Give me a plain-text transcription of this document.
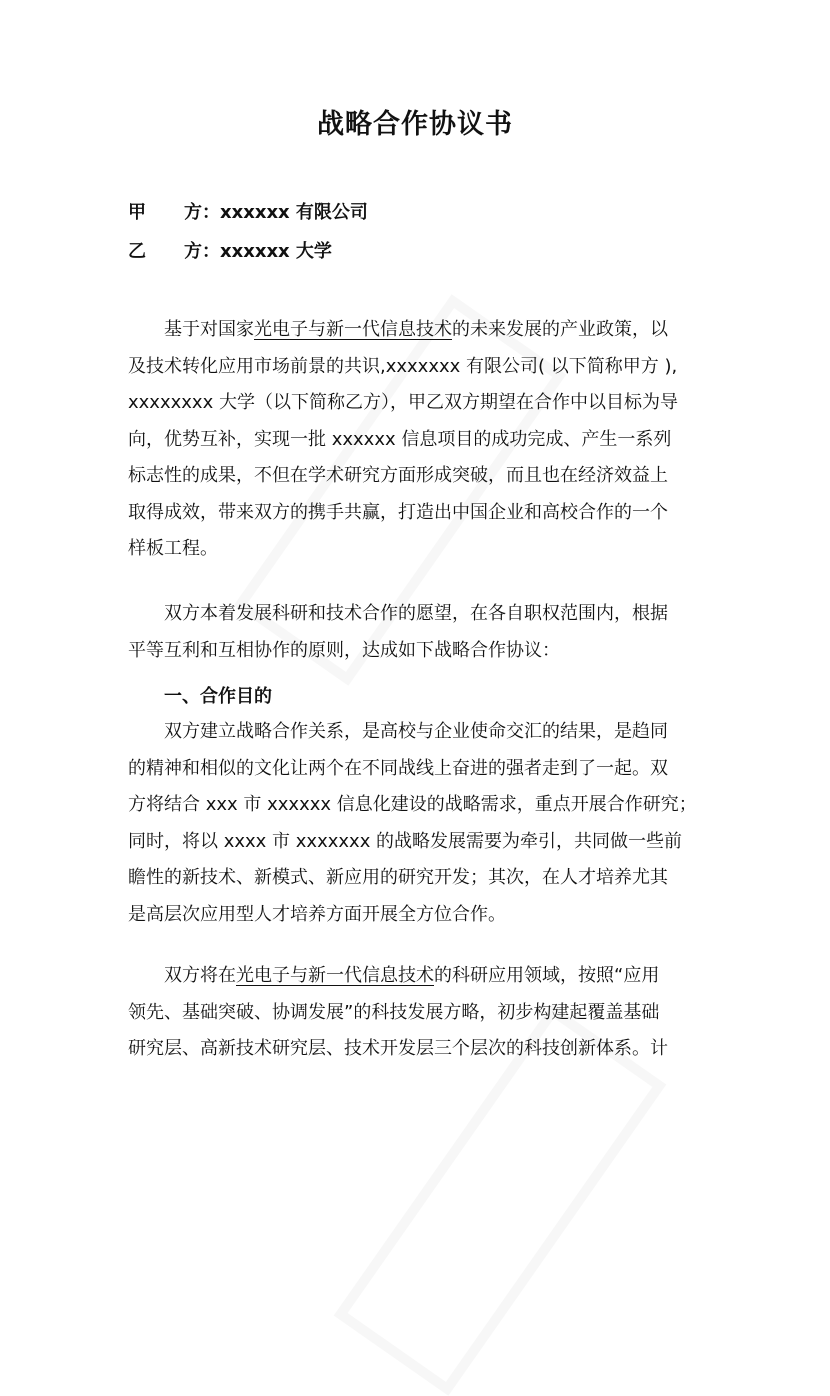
战略合作协议书
甲 方：xxxxxx 有限公司
乙 方：xxxxxx 大学
基于对国家光电子与新一代信息技术的未来发展的产业政策，以
及技术转化应用市场前景的共识,xxxxxxx 有限公司( 以下简称甲方 ),
xxxxxxxx 大学（以下简称乙方），甲乙双方期望在合作中以目标为导
向，优势互补，实现一批 xxxxxx 信息项目的成功完成、产生一系列
标志性的成果，不但在学术研究方面形成突破，而且也在经济效益上
取得成效，带来双方的携手共赢，打造出中国企业和高校合作的一个
样板工程。
双方本着发展科研和技术合作的愿望，在各自职权范围内，根据
平等互利和互相协作的原则，达成如下战略合作协议：
一、合作目的
双方建立战略合作关系，是高校与企业使命交汇的结果，是趋同
的精神和相似的文化让两个在不同战线上奋进的强者走到了一起。双
方将结合 xxx 市 xxxxxx 信息化建设的战略需求，重点开展合作研究；
同时，将以 xxxx 市 xxxxxxx 的战略发展需要为牵引，共同做一些前
瞻性的新技术、新模式、新应用的研究开发；其次，在人才培养尤其
是高层次应用型人才培养方面开展全方位合作。
双方将在光电子与新一代信息技术的科研应用领域，按照“应用
领先、基础突破、协调发展”的科技发展方略，初步构建起覆盖基础
研究层、高新技术研究层、技术开发层三个层次的科技创新体系。计
